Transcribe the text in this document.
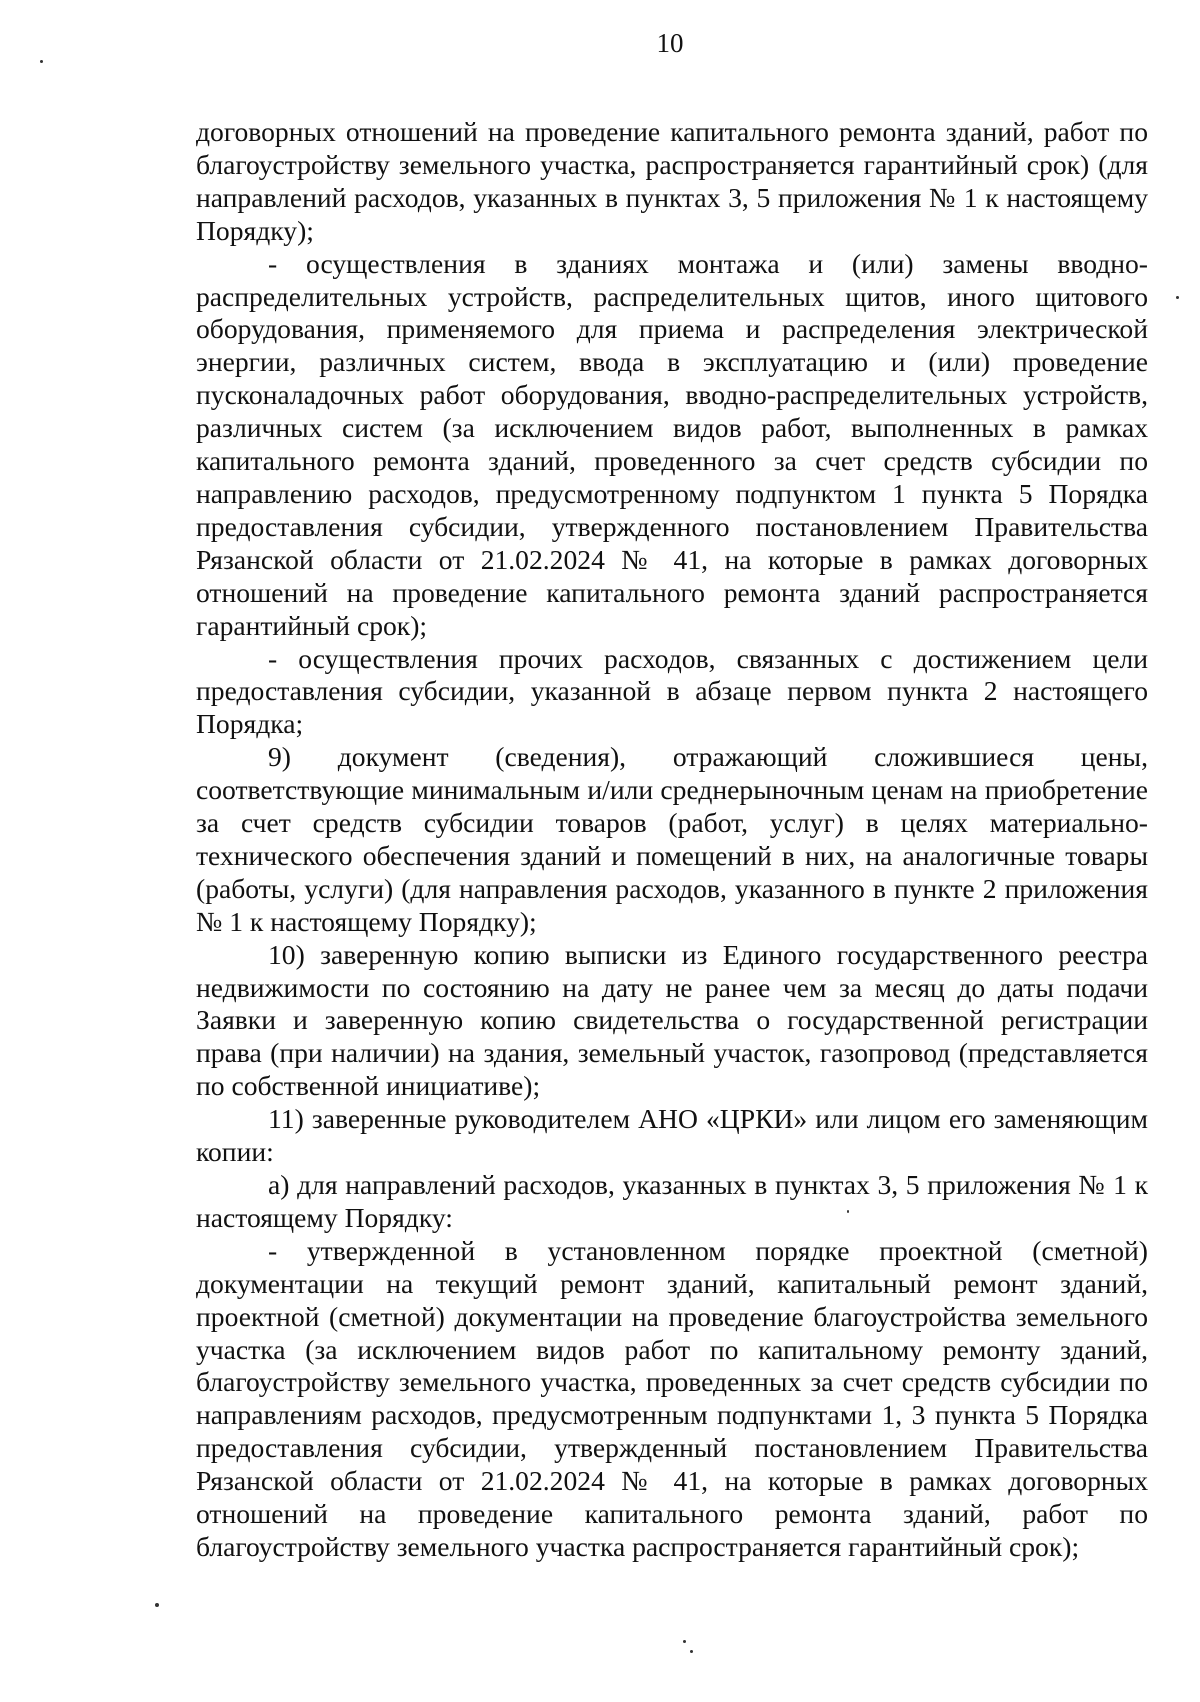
10

договорных отношений на проведение капитального ремонта зданий, работ по благоустройству земельного участка, распространяется гарантийный срок) (для направлений расходов, указанных в пунктах 3, 5 приложения № 1 к настоящему Порядку);

- осуществления в зданиях монтажа и (или) замены вводно-распределительных устройств, распределительных щитов, иного щитового оборудования, применяемого для приема и распределения электрической энергии, различных систем, ввода в эксплуатацию и (или) проведение пусконаладочных работ оборудования, вводно-распределительных устройств, различных систем (за исключением видов работ, выполненных в рамках капитального ремонта зданий, проведенного за счет средств субсидии по направлению расходов, предусмотренному подпунктом 1 пункта 5 Порядка предоставления субсидии, утвержденного постановлением Правительства Рязанской области от 21.02.2024 № 41, на которые в рамках договорных отношений на проведение капитального ремонта зданий распространяется гарантийный срок);

- осуществления прочих расходов, связанных с достижением цели предоставления субсидии, указанной в абзаце первом пункта 2 настоящего Порядка;

9) документ (сведения), отражающий сложившиеся цены, соответствующие минимальным и/или среднерыночным ценам на приобретение за счет средств субсидии товаров (работ, услуг) в целях материально-технического обеспечения зданий и помещений в них, на аналогичные товары (работы, услуги) (для направления расходов, указанного в пункте 2 приложения № 1 к настоящему Порядку);

10) заверенную копию выписки из Единого государственного реестра недвижимости по состоянию на дату не ранее чем за месяц до даты подачи Заявки и заверенную копию свидетельства о государственной регистрации права (при наличии) на здания, земельный участок, газопровод (представляется по собственной инициативе);

11) заверенные руководителем АНО «ЦРКИ» или лицом его заменяющим копии:

а) для направлений расходов, указанных в пунктах 3, 5 приложения № 1 к настоящему Порядку:

- утвержденной в установленном порядке проектной (сметной) документации на текущий ремонт зданий, капитальный ремонт зданий, проектной (сметной) документации на проведение благоустройства земельного участка (за исключением видов работ по капитальному ремонту зданий, благоустройству земельного участка, проведенных за счет средств субсидии по направлениям расходов, предусмотренным подпунктами 1, 3 пункта 5 Порядка предоставления субсидии, утвержденный постановлением Правительства Рязанской области от 21.02.2024 № 41, на которые в рамках договорных отношений на проведение капитального ремонта зданий, работ по благоустройству земельного участка распространяется гарантийный срок);
